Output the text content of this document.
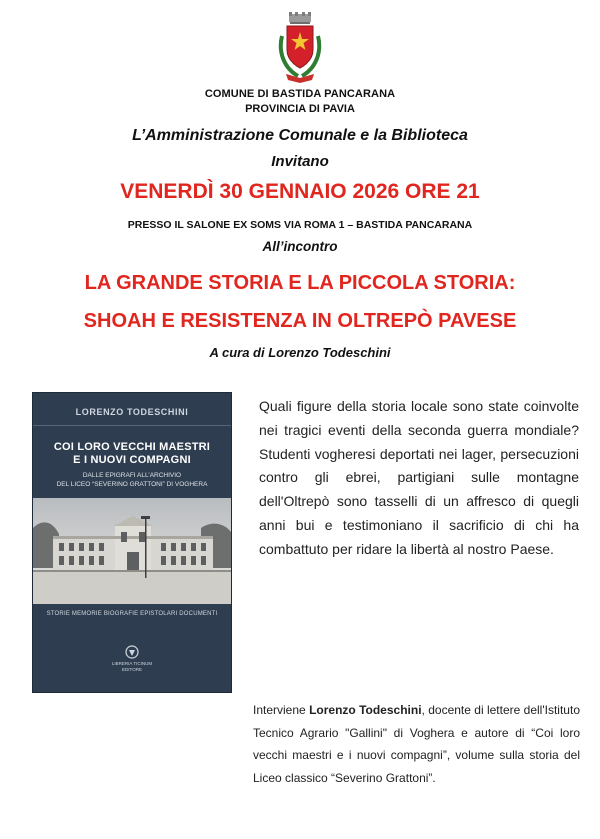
COMUNE DI BASTIDA PANCARANA
PROVINCIA DI PAVIA
L’Amministrazione Comunale e la Biblioteca
Invitano
VENERDÌ 30 GENNAIO 2026 ORE 21
PRESSO IL SALONE EX SOMS VIA ROMA 1 – BASTIDA PANCARANA
All’incontro
LA GRANDE STORIA E LA PICCOLA STORIA:
SHOAH E RESISTENZA IN OLTREPÒ PAVESE
A cura di Lorenzo Todeschini
LORENZO TODESCHINI
COI LORO VECCHI MAESTRI
E I NUOVI COMPAGNI
DALLE EPIGRAFI ALL’ARCHIVIO
DEL LICEO “SEVERINO GRATTONI” DI VOGHERA
STORIE MEMORIE BIOGRAFIE EPISTOLARI DOCUMENTI
LIBRERIA TICINUM
EDITORE
Quali figure della storia locale sono state coinvolte nei tragici eventi della seconda guerra mondiale? Studenti vogheresi deportati nei lager, persecuzioni contro gli ebrei, partigiani sulle montagne dell'Oltrepò sono tasselli di un affresco di quegli anni bui e testimoniano il sacrificio di chi ha combattuto per ridare la libertà al nostro Paese.
Interviene Lorenzo Todeschini, docente di lettere dell'Istituto Tecnico Agrario "Gallini" di Voghera e autore di “Coi loro vecchi maestri e i nuovi compagni”, volume sulla storia del Liceo classico “Severino Grattoni”.
